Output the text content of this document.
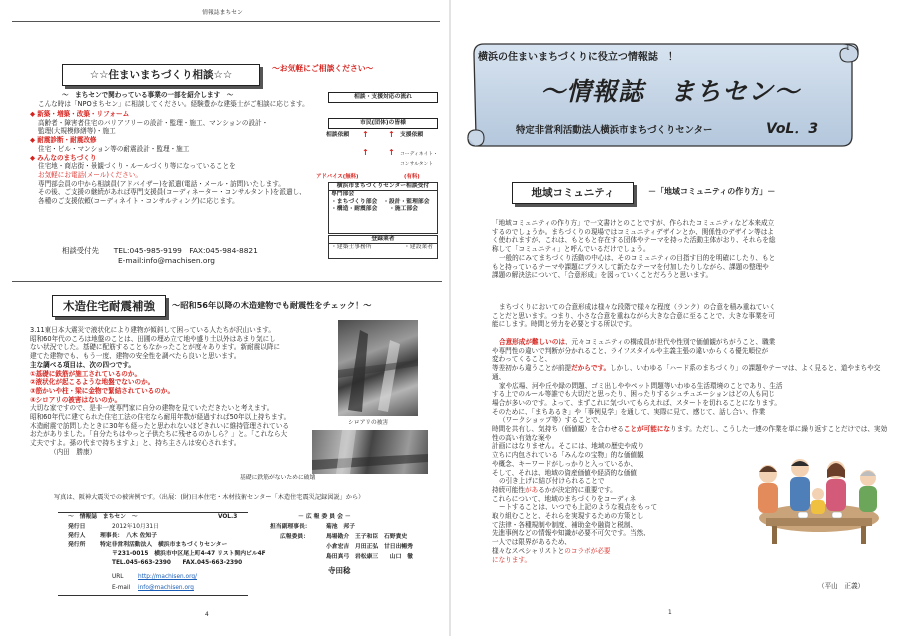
情報誌まちセン
☆☆住まいまちづくり相談☆☆
～お気軽にご相談ください～
～　まちセンで関わっている事業の一部を紹介します　～
こんな時は「NPOまちセン」に相談してください。経験豊かな建築士がご相談に応じます。
◆ 新築・増築・改築・リフォーム
高齢者・障害者住宅のバリアフリーの設計・監理・施工、マンションの設計・
監理(大規模修繕等)・施工
◆ 耐震診断・耐震改修
住宅・ビル・マンション等の耐震設計・監理・施工
◆ みんなのまちづくり
住宅地・商店街・景観づくり・ルールづくり等になっていることを
お気軽にお電話(メール)ください。
専門部会員の中から相談員(アドバイザー)を派遣(電話・メール・訪問)いたします。
その後、ご支援の継続があれば専門支援員(コーディネーター・コンサルタント)を派遣し、
各種のご支援依頼(コーディネイト・コンサルティング)に応じます。
相談受付先　　TEL:045-985-9199　FAX:045-984-8821
E-mail:info@machisen.org
相談・支援対応の流れ
市民(団体)の皆様
相談依頼	支援依頼
↑ ↑
↑ ↑ コーディネイト・
コンサルタント
アドバイス(無料)	(有料)
横浜市まちづくりセンター相談受付
専門部会
・まちづくり部会　・設計・監理部会
・構造・耐震部会　　・施工部会
登録業者
・建築士事務所	・建設業者
木造住宅耐震補強	～昭和56年以降の木造建物でも耐震性をチェック！～
3.11東日本大震災で液状化により建物が傾斜して困っている人たちが沢山います。
昭和60年代のころは地盤のことは、田圃の埋め立て地や盛り土以外はあまり気にし
ない状況でした。基礎に配筋することもなかったことが度々あります。新耐震以降に
建てた建物でも、もう一度、建物の安全性を調べたら良いと思います。
主な調べる項目は、次の四つです。
①基礎に鉄筋が施工されているのか。
②液状化が起こるような地盤でないのか。
③筋かいや柱・梁に金物で緊結されているのか。
④シロアリの被害はないのか。
大切な家ですので、是非一度専門家に自分の建物を見ていただきたいと考えます。
昭和60年代に建てられた住宅工法の住宅なら耐用年数が経過すれば50年以上持ちます。
木造耐震で訪問したときに30年も経ったと思われないほどきれいに維持管理されている
おたがありました。「自分たちはやっと子供たちに残せるのかしら？」と。「これなら大
丈夫ですよ。孫の代まで持ちますよ」と、持ち主さんは安心されます。
（内田　勝康）
シロアリの被害
基礎に鉄筋がないために破壊
写真は、阪神大震災での被害例です。（出展：(財)日本住宅・木材技術センター「木造住宅震災記録図説」から）
～　情報誌　まちセン　～	VOL.3
発行日	2012年10月31日
発行人	理事長：　八木 佐知子
発行所	特定非営利活動法人　横浜市まちづくりセンター
〒231-0015　横浜市中区尾上町4-47 リスト関内ビル4F
TEL.045-663-2390　　FAX.045-663-2390
URL http://machisen.org/
E-mail info@machisen.org
－ 広 報 委 員 会 －
担当副理事長：	菊池　邦子
広報委員：	馬場勘介　王子和臣　石野貴史
小倉宏吉　月田正弘　甘日出暢秀
島田真弓　岩松康三　　山口　徹
寺田稔
4
横浜の住まいまちづくりに役立つ情報誌　！
～情報誌　まちセン～
特定非営利活動法人横浜市まちづくりセンター	VoL．3
1
地域コミュニティ	－「地域コミュニティの作り方」－
「地域コミュニティの作り方」で一文書けとのことですが、作られたコミュニティなど本来成立
するのでしょうか。まちづくりの現場ではコミュニティデザインとか、関係性のデザイン等はよ
く使われますが、これは、もともと存在する団体やテーマを持った活動主体がおり、それらを総
称して「コミュニティ」と呼んでいるだけでしょう。
一般的にみてまちづくり活動の中心は、そのコミュニティの目指す目的を明確にしたり、もと
もと持っているテーマや課題にプラスして新たなテーマを付加したりしながら、課題の整理や
課題の解決法について、「合意形成」を図っていくことだろうと思います。
まちづくりにおいての合意形成は様々な段階で様々な程度（ランク）の合意を積み重ねていく
ことだと思います。つまり、小さな合意を重ねながら大きな合意に至ることで、大きな事業を可
能にします。時間と労力を必要とする所以です。
合意形成が難しいのは、元々コミュニティの構成員が世代や性別で価値観がちがうこと、職業
や専門性の違いで判断が分かれること、ライフスタイルや主義主張の違いからくる優先順位が
変わってくること、
等差初から違うことが前提だからです。しかし、いわゆる「ハード系のまちづくり」の課題やテーマは、よく見ると、道やまちや交通、
家や広場、河や丘や緑の問題、ゴミ出しややペット問題等いわゆる生活環境のことであり、生活
する上でのルール等誰でも大切だと思ったり、困ったりするシュチュエーションはどの人も同じ
場合が多いのです。よって、まずこれに気づいてもらえれば、スタートを切れることになります。
そのために、「まちあるき」や「事例見学」を通して、実際に見て、感じて、話し合い、作業
（ワークショップ等）することで、
時間を共有し、気持ち（価値観）を合わせることが可能になります。ただし、こうした一連の作業を単に繰り返すことだけでは、実効性の高い有効な案や
計画にはなりません。そこには、地域の歴史や成り
立ちに内包されている「みんなの宝物」的な価値観
や概念、キーワードがしっかりと入っているか、
そして、それは、地域の資産価値や経済的な価値
の引き上げに結び付けられることで
持続可能性があるかが決定的に重要です。
これらについて、地域のまちづくりをコーディネ
ートすることは、いつでも上記のような視点をもって
取り組むことと、それらを実現するための方策とし
て法律・各種規制や制度、補助金や融資と税制、
先進事例などの情報や知識が必要不可欠です。当然、
一人では限界があるため、
様々なスペシャリストとのコラボが必要
になります。
（平山　正義）
1
